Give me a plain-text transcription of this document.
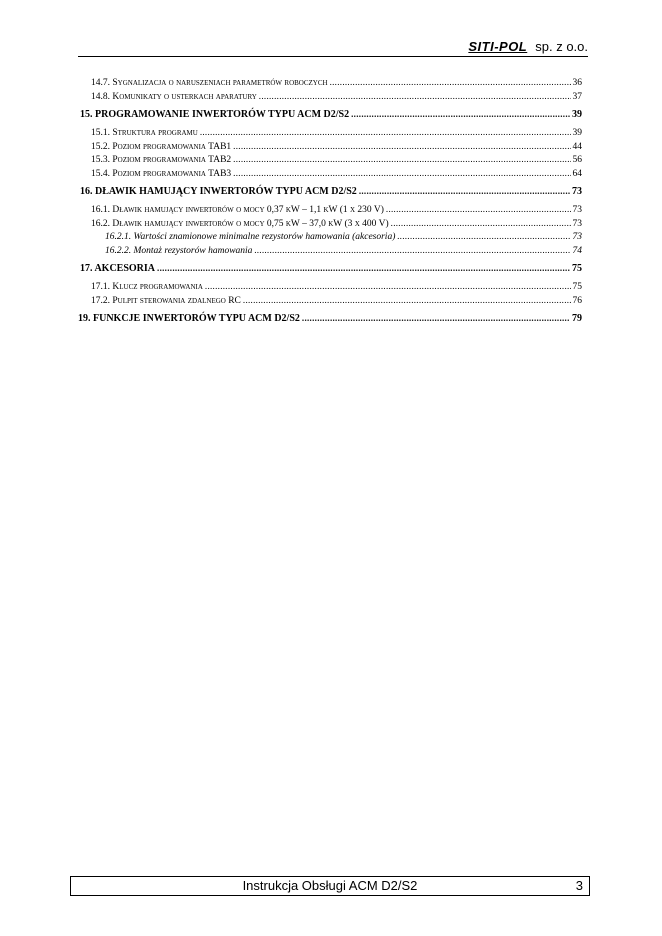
SITI-POL sp. z o.o.
14.7. Sygnalizacja o naruszeniach parametrów roboczych .....	36
14.8. Komunikaty o usterkach aparatury .....	37
15. PROGRAMOWANIE INWERTORÓW TYPU ACM D2/S2 .....	39
15.1. Struktura programu .....	39
15.2. Poziom programowania TAB1 .....	44
15.3. Poziom programowania TAB2 .....	56
15.4. Poziom programowania TAB3 .....	64
16. DŁAWIK HAMUJĄCY INWERTORÓW TYPU ACM D2/S2 .....	73
16.1. Dławik hamujący inwertorów o mocy 0,37 kW – 1,1 kW (1 x 230 V) .....	73
16.2. Dławik hamujący inwertorów o mocy 0,75 kW – 37,0 kW (3 x 400 V) .....	73
16.2.1. Wartości znamionowe minimalne rezystorów hamowania (akcesoria) .....	73
16.2.2. Montaż rezystorów hamowania .....	74
17. AKCESORIA .....	75
17.1. Klucz programowania .....	75
17.2. Pulpit sterowania zdalnego RC .....	76
19. FUNKCJE INWERTORÓW TYPU ACM D2/S2 .....	79
Instrukcja Obsługi ACM D2/S2	3
